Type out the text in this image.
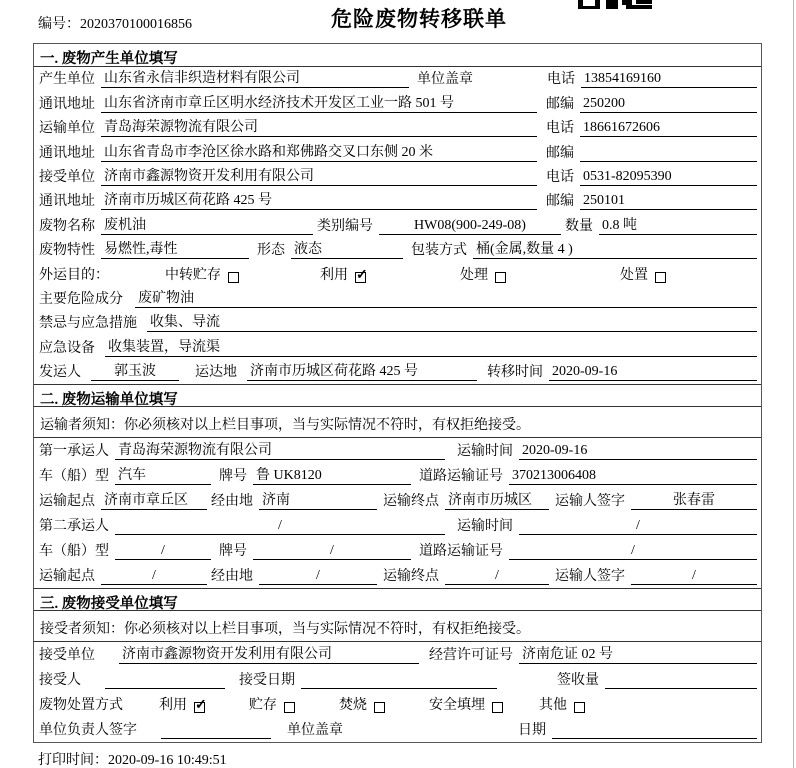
编号：2020370100016856	危险废物转移联单
一. 废物产生单位填写
产生单位 山东省永信非织造材料有限公司	单位盖章	电话 13854169160
通讯地址 山东省济南市章丘区明水经济技术开发区工业一路 501 号	邮编 250200
运输单位 青岛海荣源物流有限公司	电话 18661672606
通讯地址 山东省青岛市李沧区徐水路和郑佛路交叉口东侧 20 米	邮编
接受单位 济南市鑫源物资开发利用有限公司	电话 0531-82095390
通讯地址 济南市历城区荷花路 425 号	邮编 250101
废物名称 废机油	类别编号	HW08(900-249-08)	数量 0.8 吨
废物特性 易燃性,毒性	形态 液态	包装方式 桶(金属,数量 4 )
外运目的：	中转贮存	利用 ✓	处理	处置
主要危险成分 废矿物油
禁忌与应急措施 收集、导流
应急设备 收集装置，导流渠
发运人	郭玉波	运达地 济南市历城区荷花路 425 号	转移时间 2020-09-16
二. 废物运输单位填写
运输者须知：你必须核对以上栏目事项，当与实际情况不符时，有权拒绝接受。
第一承运人 青岛海荣源物流有限公司	运输时间 2020-09-16
车（船）型 汽车	牌号 鲁 UK8120	道路运输证号 370213006408
运输起点 济南市章丘区	经由地 济南	运输终点 济南市历城区	运输人签字	张春雷
第二承运人	/	运输时间	/
车（船）型	/	牌号	/	道路运输证号	/
运输起点	/	经由地	/	运输终点	/	运输人签字	/
三. 废物接受单位填写
接受者须知：你必须核对以上栏目事项，当与实际情况不符时，有权拒绝接受。
接受单位 济南市鑫源物资开发利用有限公司	经营许可证号 济南危证 02 号
接受人	接受日期	签收量
废物处置方式	利用 ✓	贮存	焚烧	安全填埋	其他
单位负责人签字	单位盖章	日期
打印时间：2020-09-16 10:49:51
